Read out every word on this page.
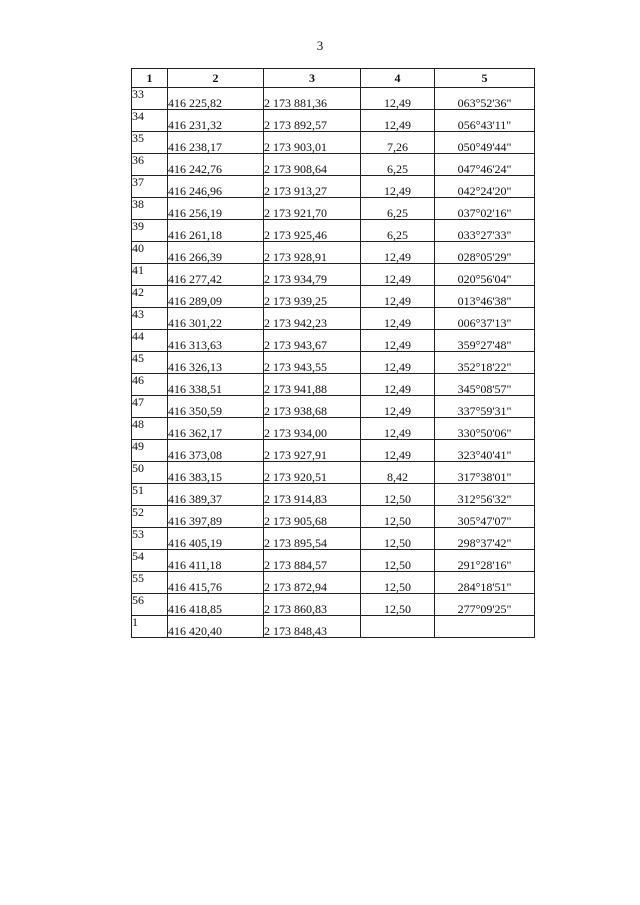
3
1	2	3	4	5
33	416 225,82	2 173 881,36	12,49	063°52'36"
34	416 231,32	2 173 892,57	12,49	056°43'11"
35	416 238,17	2 173 903,01	7,26	050°49'44"
36	416 242,76	2 173 908,64	6,25	047°46'24"
37	416 246,96	2 173 913,27	12,49	042°24'20"
38	416 256,19	2 173 921,70	6,25	037°02'16"
39	416 261,18	2 173 925,46	6,25	033°27'33"
40	416 266,39	2 173 928,91	12,49	028°05'29"
41	416 277,42	2 173 934,79	12,49	020°56'04"
42	416 289,09	2 173 939,25	12,49	013°46'38"
43	416 301,22	2 173 942,23	12,49	006°37'13"
44	416 313,63	2 173 943,67	12,49	359°27'48"
45	416 326,13	2 173 943,55	12,49	352°18'22"
46	416 338,51	2 173 941,88	12,49	345°08'57"
47	416 350,59	2 173 938,68	12,49	337°59'31"
48	416 362,17	2 173 934,00	12,49	330°50'06"
49	416 373,08	2 173 927,91	12,49	323°40'41"
50	416 383,15	2 173 920,51	8,42	317°38'01"
51	416 389,37	2 173 914,83	12,50	312°56'32"
52	416 397,89	2 173 905,68	12,50	305°47'07"
53	416 405,19	2 173 895,54	12,50	298°37'42"
54	416 411,18	2 173 884,57	12,50	291°28'16"
55	416 415,76	2 173 872,94	12,50	284°18'51"
56	416 418,85	2 173 860,83	12,50	277°09'25"
1	416 420,40	2 173 848,43		
